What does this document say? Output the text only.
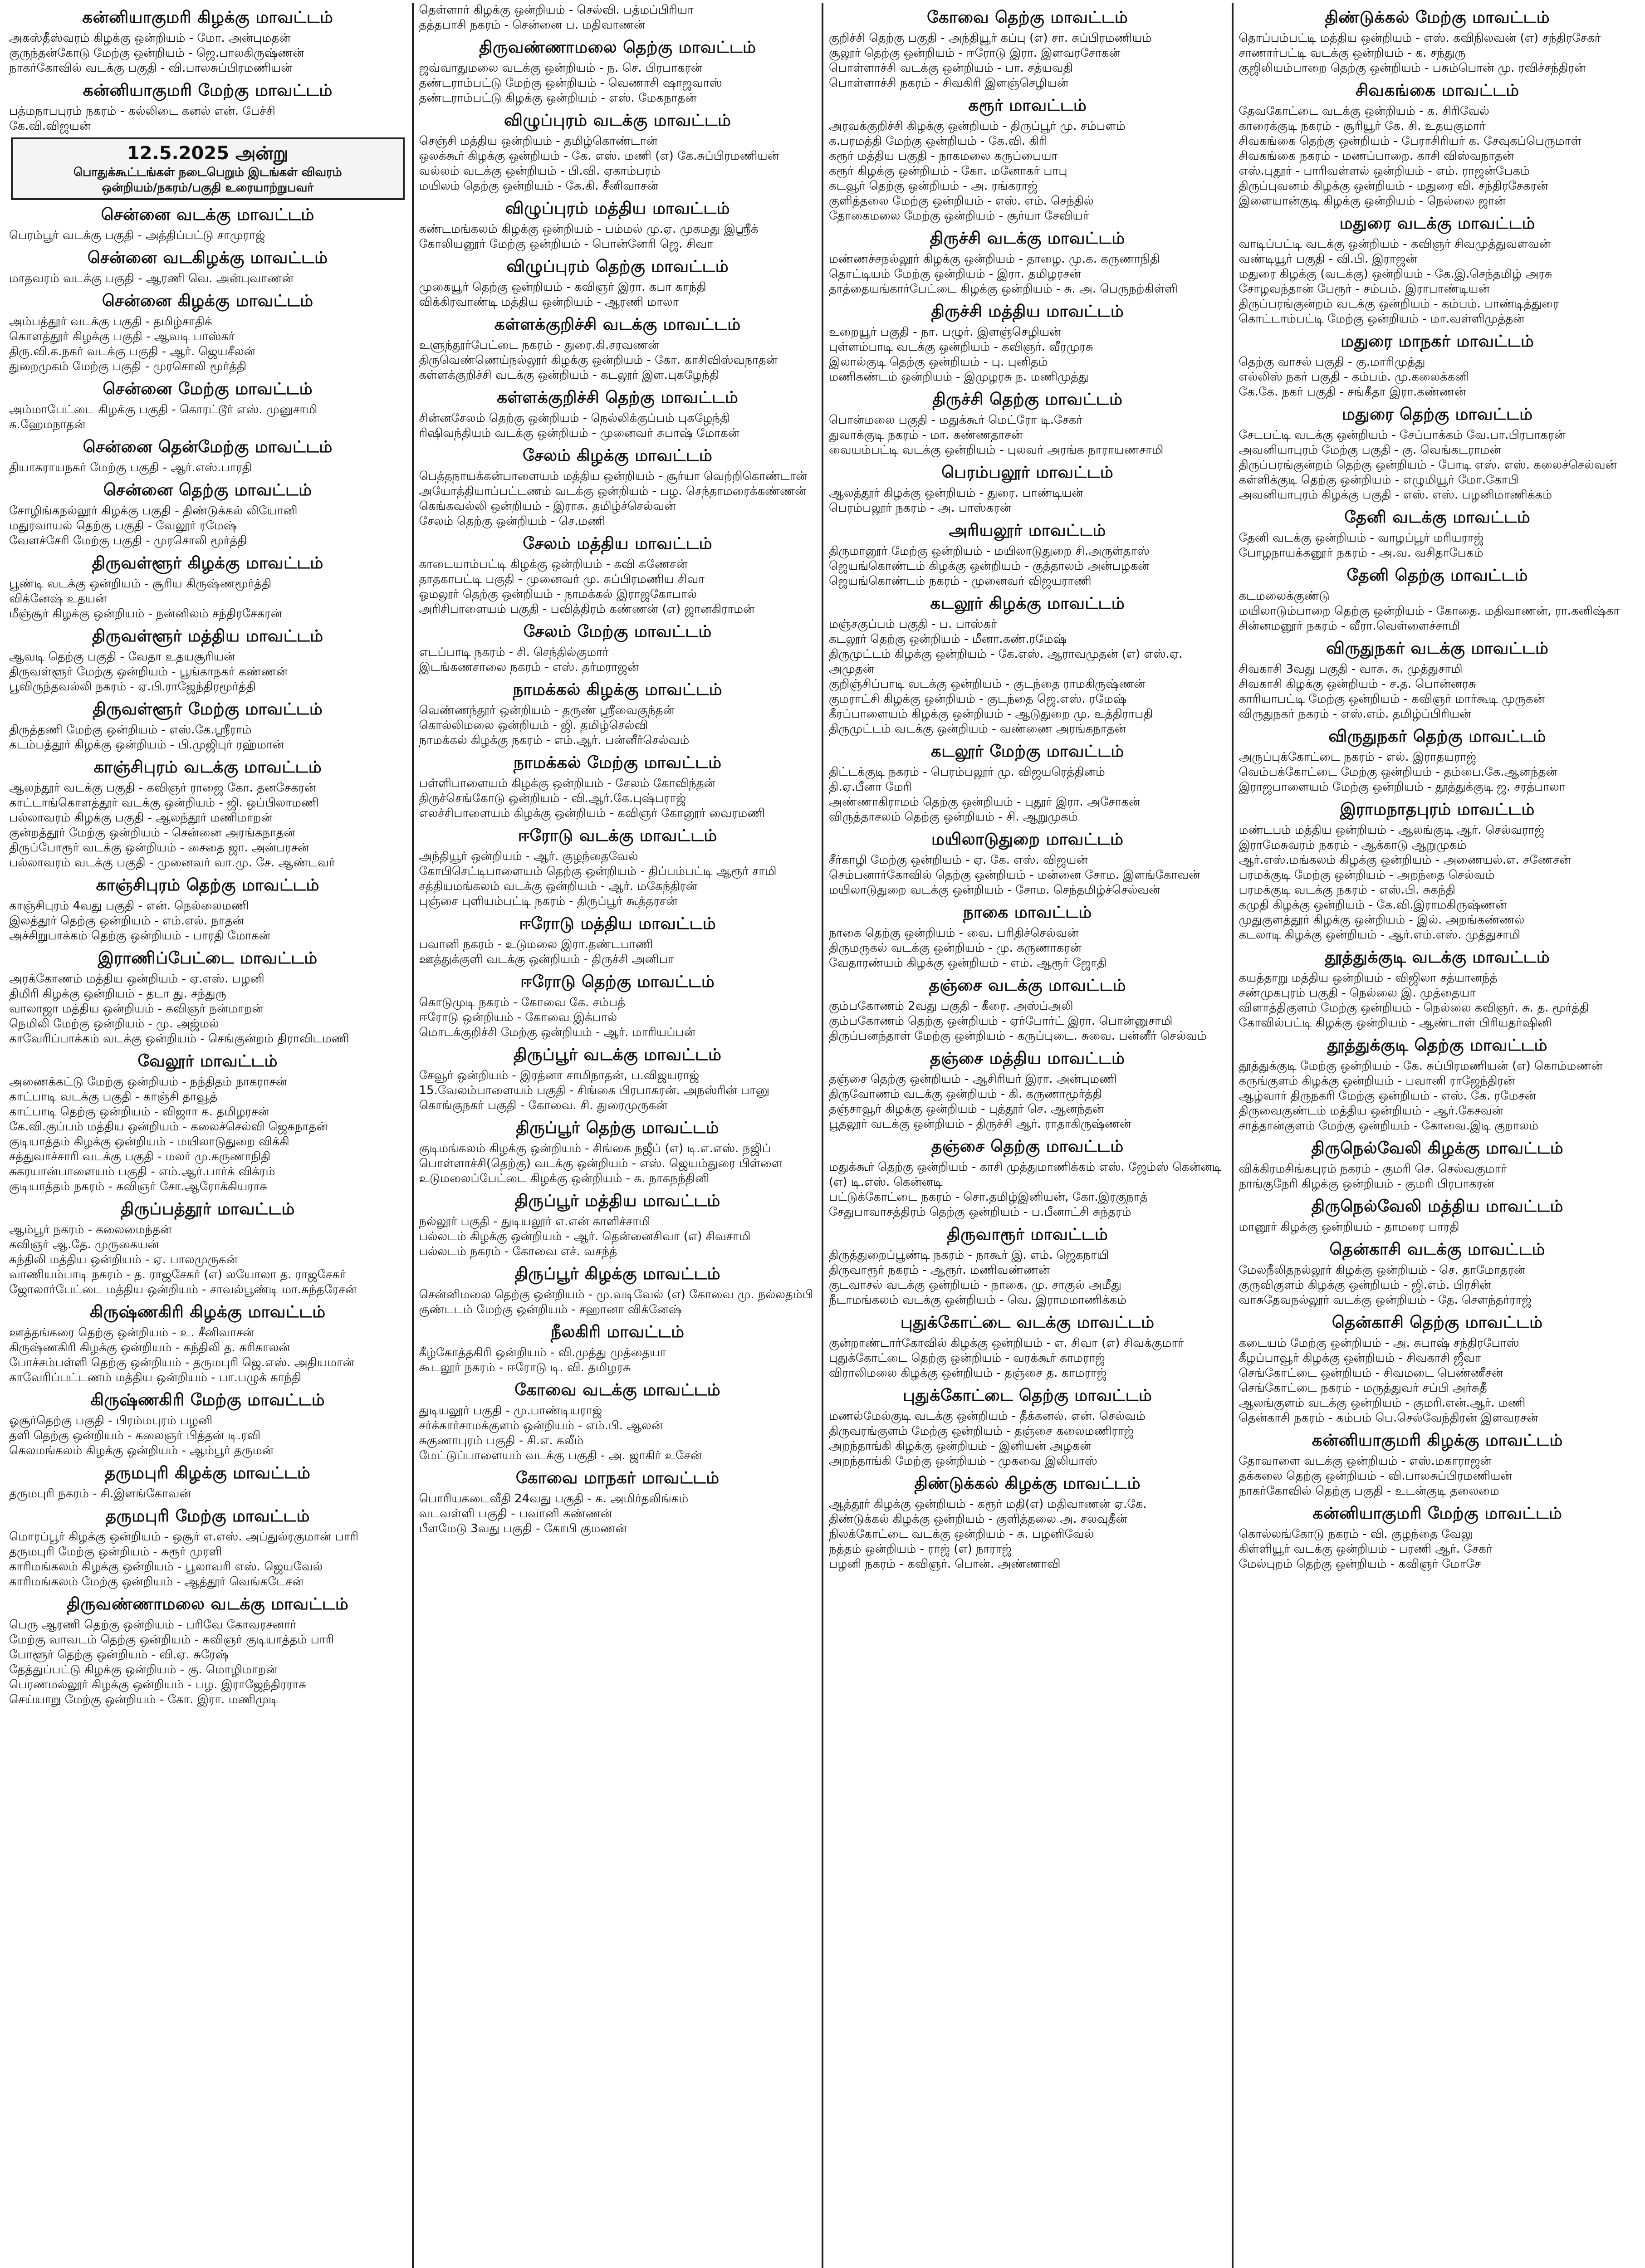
கன்னியாகுமரி கிழக்கு மாவட்டம்
அகஸ்தீஸ்வரம் கிழக்கு ஒன்றியம் - மோ. அன்புமதன்
குருந்தன்கோடு மேற்கு ஒன்றியம் - ஜெ.பாலகிருஷ்ணன்
நாகர்கோவில் வடக்கு பகுதி - வி.பாலசுப்பிரமணியன்
கன்னியாகுமரி மேற்கு மாவட்டம்
பத்மநாபபுரம் நகரம் - கல்லிடை கனல் என். பேச்சி
கே.வி.விஜயன்
12.5.2025 அன்று
பொதுக்கூட்டங்கள் நடைபெறும் இடங்கள் விவரம்
ஒன்றியம்/நகரம்/பகுதி உரையாற்றுபவர்
சென்னை வடக்கு மாவட்டம்
பெரம்பூர் வடக்கு பகுதி - அத்திப்பட்டு சாமுராஜ்
சென்னை வடகிழக்கு மாவட்டம்
மாதவரம் வடக்கு பகுதி - ஆரணி வெ. அன்புவாணன்
சென்னை கிழக்கு மாவட்டம்
அம்பத்தூர் வடக்கு பகுதி - தமிழ்சாதிக்
கொளத்தூர் கிழக்கு பகுதி - ஆவடி பாஸ்கர்
திரு.வி.க.நகர் வடக்கு பகுதி - ஆர். ஜெயசீலன்
துறைமுகம் மேற்கு பகுதி - முரசொலி மூர்த்தி
சென்னை மேற்கு மாவட்டம்
அம்மாபேட்டை கிழக்கு பகுதி - கொரட்டூர் எஸ். முனுசாமி
க.ஹேமநாதன்
சென்னை தென்மேற்கு மாவட்டம்
தியாகராயநகர் மேற்கு பகுதி - ஆர்.எஸ்.பாரதி
சென்னை தெற்கு மாவட்டம்
சோழிங்கநல்லூர் கிழக்கு பகுதி - திண்டுக்கல் லியோனி
மதுரவாயல் தெற்கு பகுதி - வேலூர் ரமேஷ்
வேளச்சேரி மேற்கு பகுதி - முரசொலி மூர்த்தி
திருவள்ளூர் கிழக்கு மாவட்டம்
பூண்டி வடக்கு ஒன்றியம் - சூரிய கிருஷ்ணமூர்த்தி
விக்னேஷ் உதயன்
மீஞ்சூர் கிழக்கு ஒன்றியம் - நன்னிலம் சந்திரசேகரன்
திருவள்ளூர் மத்திய மாவட்டம்
ஆவடி தெற்கு பகுதி - வேதா உதயசூரியன்
திருவள்ளூர் மேற்கு ஒன்றியம் - பூங்காநகர் கண்ணன்
பூவிருந்தவல்லி நகரம் - ஏ.பி.ராஜேந்திரமூர்த்தி
திருவள்ளூர் மேற்கு மாவட்டம்
திருத்தணி மேற்கு ஒன்றியம் - எஸ்.கே.ஸ்ரீராம்
கடம்பத்தூர் கிழக்கு ஒன்றியம் - பி.முஜிபுர் ரஹ்மான்
காஞ்சிபுரம் வடக்கு மாவட்டம்
ஆலந்தூர் வடக்கு பகுதி - கவிஞர் ராஜை கோ. தனசேகரன்
காட்டாங்கொளத்தூர் வடக்கு ஒன்றியம் - ஜி. ஒப்பிலாமணி
பல்லாவரம் கிழக்கு பகுதி - ஆலந்தூர் மணிமாறன்
குன்றத்தூர் மேற்கு ஒன்றியம் - சென்னை அரங்கநாதன்
திருப்போரூர் வடக்கு ஒன்றியம் - சைதை ஜா. அன்பரசன்
பல்லாவரம் வடக்கு பகுதி - முனைவர் வா.மு. சே. ஆண்டவர்
காஞ்சிபுரம் தெற்கு மாவட்டம்
காஞ்சிபுரம் 4வது பகுதி - என். நெல்லைமணி
இலத்தூர் தெற்கு ஒன்றியம் - எம்.எல். நாதன்
அச்சிறுபாக்கம் தெற்கு ஒன்றியம் - பாரதி மோகன்
இராணிப்பேட்டை மாவட்டம்
அரக்கோணம் மத்திய ஒன்றியம் - ஏ.எஸ். பழனி
திமிரி கிழக்கு ஒன்றியம் - தடா து. சந்துரு
வாலாஜா மத்திய ஒன்றியம் - கவிஞர் நன்மாறன்
நெமிலி மேற்கு ஒன்றியம் - மு. அஜ்மல்
காவேரிப்பாக்கம் வடக்கு ஒன்றியம் - செங்குன்றம் திராவிடமணி
வேலூர் மாவட்டம்
அணைக்கட்டு மேற்கு ஒன்றியம் - நந்திதம் நாகராசன்
காட்பாடி வடக்கு பகுதி - காஞ்சி தாவூத்
காட்பாடி தெற்கு ஒன்றியம் - விஜாா க. தமிழரசன்
கே.வி.குப்பம் மத்திய ஒன்றியம் - கலைச்செல்வி ஜெகநாதன்
குடியாத்தம் கிழக்கு ஒன்றியம் - மயிலாடுதுறை விக்கி
சத்துவாச்சாரி வடக்கு பகுதி - மலர் மு.கருணாநிதி
சுகரயான்பாளையம் பகுதி - எம்.ஆர்.பார்க் விக்ரம்
குடியாத்தம் நகரம் - கவிஞர் சோ.ஆரோக்கியராசு
திருப்பத்தூர் மாவட்டம்
ஆம்பூர் நகரம் - கலைமைந்தன்
கவிஞர் ஆ.தே. முருகையன்
கந்திலி மத்திய ஒன்றியம் - ஏ. பாலமுருகன்
வாணியம்பாடி நகரம் - த. ராஜசேகர் (எ) லயோலா த. ராஜசேகர்
ஜோலார்பேட்டை மத்திய ஒன்றியம் - சாவல்பூண்டி மா.சுந்தரேசன்
கிருஷ்ணகிரி கிழக்கு மாவட்டம்
ஊத்தங்கரை தெற்கு ஒன்றியம் - உ. சீனிவாசன்
கிருஷ்ணகிரி கிழக்கு ஒன்றியம் - கந்திலி த. கரிகாலன்
போச்சம்பள்ளி தெற்கு ஒன்றியம் - தருமபுரி ஜெ.எஸ். அதியமான்
காவேரிப்பட்டணம் மத்திய ஒன்றியம் - பா.பழுக் காந்தி
கிருஷ்ணகிரி மேற்கு மாவட்டம்
ஓசூர்தெற்கு பகுதி - பிரம்மபுரம் பழனி
தளி தெற்கு ஒன்றியம் - கலைஞர் பித்தன் டி.ரவி
கெலமங்கலம் கிழக்கு ஒன்றியம் - ஆம்பூர் தருமன்
தருமபுரி கிழக்கு மாவட்டம்
தருமபுரி நகரம் - சி.இளங்கோவன்
தருமபுரி மேற்கு மாவட்டம்
மொரப்பூர் கிழக்கு ஒன்றியம் - ஒசூர் எ.எஸ். அப்துல்ரகுமான் பாரி
தருமபுரி மேற்கு ஒன்றியம் - சுரூர் முரளி
காரிமங்கலம் கிழக்கு ஒன்றியம் - பூலாவரி எஸ். ஜெயவேல்
காரிமங்கலம் மேற்கு ஒன்றியம் - ஆத்தூர் வெங்கடேசன்
திருவண்ணாமலை வடக்கு மாவட்டம்
பெரு ஆரணி தெற்கு ஒன்றியம் - பரிவே கோவரசனார்
மேற்கு வாவடம் தெற்கு ஒன்றியம் - கவிஞர் குடியாத்தம் பாரி
போளூர் தெற்கு ஒன்றியம் - வி.ஏ. சுரேஷ்
தேத்துப்பட்டு கிழக்கு ஒன்றியம் - கு. மொழிமாறன்
பெரணமல்லூர் கிழக்கு ஒன்றியம் - பழ. இராஜேந்திரராசு
செய்யாறு மேற்கு ஒன்றியம் - கோ. இரா. மணிமுடி
தெள்ளார் கிழக்கு ஒன்றியம் - செல்வி. பத்மப்பிரியா
தத்தபாசி நகரம் - சென்னை ப. மதிவாணன்
திருவண்ணாமலை தெற்கு மாவட்டம்
ஜவ்வாதுமலை வடக்கு ஒன்றியம் - ந. செ. பிரபாகரன்
தண்டராம்பட்டு மேற்கு ஒன்றியம் - வெணாசி ஷாஜவாஸ்
தண்டராம்பட்டு கிழக்கு ஒன்றியம் - எஸ். மேகநாதன்
விழுப்புரம் வடக்கு மாவட்டம்
செஞ்சி மத்திய ஒன்றியம் - தமிழ்கொண்டான்
ஒலக்கூர் கிழக்கு ஒன்றியம் - கே. எஸ். மணி (எ) கே.சுப்பிரமணியன்
வல்லம் வடக்கு ஒன்றியம் - பி.வி. ஏகாம்பரம்
மயிலம் தெற்கு ஒன்றியம் - கே.கி. சீனிவாசன்
விழுப்புரம் மத்திய மாவட்டம்
கண்டமங்கலம் கிழக்கு ஒன்றியம் - பம்மல் மு.ஏ. முகமது இஸ்ரீக்
கோலியனூர் மேற்கு ஒன்றியம் - பொன்னேரி ஜெ. சிவா
விழுப்புரம் தெற்கு மாவட்டம்
முகையூர் தெற்கு ஒன்றியம் - கவிஞர் இரா. கபா காந்தி
விக்கிரவாண்டி மத்திய ஒன்றியம் - ஆரணி மாலா
கள்ளக்குறிச்சி வடக்கு மாவட்டம்
உளுந்தூர்பேட்டை நகரம் - துரை.கி.சரவணன்
திருவெண்ணெய்நல்லூர் கிழக்கு ஒன்றியம் - கோ. காசிவிஸ்வநாதன்
கள்ளக்குறிச்சி வடக்கு ஒன்றியம் - கடலூர் இள.புகழேந்தி
கள்ளக்குறிச்சி தெற்கு மாவட்டம்
சின்னசேலம் தெற்கு ஒன்றியம் - நெல்லிக்குப்பம் புகழேந்தி
ரிஷிவந்தியம் வடக்கு ஒன்றியம் - முனைவர் சுபாஷ் மோகன்
சேலம் கிழக்கு மாவட்டம்
பெத்தநாயக்கன்பாளையம் மத்திய ஒன்றியம் - சூர்யா வெற்றிகொண்டான்
அயோத்தியாப்பட்டணம் வடக்கு ஒன்றியம் - பழ. செந்தாமரைக்கண்ணன்
கெங்கவல்லி ஒன்றியம் - இராசு. தமிழ்ச்செல்வன்
சேலம் தெற்கு ஒன்றியம் - செ.மணி
சேலம் மத்திய மாவட்டம்
காடையாம்பட்டி கிழக்கு ஒன்றியம் - கவி கணேசன்
தாதகாபட்டி பகுதி - முனைவர் மு. சுப்பிரமணிய சிவா
ஓமலூர் தெற்கு ஒன்றியம் - நாமக்கல் இராஜகோபால்
அரிசிபாளையம் பகுதி - பவித்திரம் கண்ணன் (எ) ஜானகிராமன்
சேலம் மேற்கு மாவட்டம்
எடப்பாடி நகரம் - சி. செந்தில்குமார்
இடங்கணசாலை நகரம் - எஸ். தர்மராஜன்
நாமக்கல் கிழக்கு மாவட்டம்
வெண்ணந்தூர் ஒன்றியம் - தருண் ஸ்ரீவைகுந்தன்
கொல்லிமலை ஒன்றியம் - ஜி. தமிழ்செல்வி
நாமக்கல் கிழக்கு நகரம் - எம்.ஆர். பன்னீர்செல்வம்
நாமக்கல் மேற்கு மாவட்டம்
பள்ளிபாளையம் கிழக்கு ஒன்றியம் - சேலம் கோவிந்தன்
திருச்செங்கோடு ஒன்றியம் - வி.ஆர்.கே.புஷ்பராஜ்
எலச்சிபாளையம் கிழக்கு ஒன்றியம் - கவிஞர் கோனூர் வைரமணி
ஈரோடு வடக்கு மாவட்டம்
அந்தியூர் ஒன்றியம் - ஆர். குழந்தைவேல்
கோபிசெட்டிபாளையம் தெற்கு ஒன்றியம் - திப்பம்பட்டி ஆரூர் சாமி
சத்தியமங்கலம் வடக்கு ஒன்றியம் - ஆர். மகேந்திரன்
புஞ்சை புளியம்பட்டி நகரம் - திருப்பூர் கூத்தரசன்
ஈரோடு மத்திய மாவட்டம்
பவானி நகரம் - உடுமலை இரா.தண்டபாணி
ஊத்துக்குளி வடக்கு ஒன்றியம் - திருச்சி அனிபா
ஈரோடு தெற்கு மாவட்டம்
கொடுமுடி நகரம் - கோவை கே. சம்பத்
ஈரோடு ஒன்றியம் - கோவை இக்பால்
மொடக்குறிச்சி மேற்கு ஒன்றியம் - ஆர். மாரியப்பன்
திருப்பூர் வடக்கு மாவட்டம்
சேவூர் ஒன்றியம் - இரத்னா சாமிநாதன், ப.விஜயராஜ்
15.வேலம்பாளையம் பகுதி - சிங்கை பிரபாகரன். அநஸ்ரின் பானு
கொங்குநகர் பகுதி - கோவை. சி. துரைமுருகன்
திருப்பூர் தெற்கு மாவட்டம்
குடிமங்கலம் கிழக்கு ஒன்றியம் - சிங்கை நஜீப் (எ) டி.எ.எஸ். நஜிப்
பொள்ளாச்சி(தெற்கு) வடக்கு ஒன்றியம் - எஸ். ஜெயம்துரை பிள்ளை
உடுமலைப்பேட்டை கிழக்கு ஒன்றியம் - க. நாகநந்தினி
திருப்பூர் மத்திய மாவட்டம்
நல்லூர் பகுதி - துடியலூர் எ.என் காளிச்சாமி
பல்லடம் கிழக்கு ஒன்றியம் - ஆர். தென்னைசிவா (எ) சிவசாமி
பல்லடம் நகரம் - கோவை எச். வசந்த்
திருப்பூர் கிழக்கு மாவட்டம்
சென்னிமலை தெற்கு ஒன்றியம் - மு.வடிவேல் (எ) கோவை மு. நல்லதம்பி
குண்டடம் மேற்கு ஒன்றியம் - சஹானா விக்னேஷ்
நீலகிரி மாவட்டம்
கீழ்கோத்தகிரி ஒன்றியம் - வி.முத்து முத்தையா
கூடலூர் நகரம் - ஈரோடு டி. வி. தமிழரசு
கோவை வடக்கு மாவட்டம்
துடியலூர் பகுதி - மு.பாண்டியராஜ்
சர்க்கார்சாமக்குளம் ஒன்றியம் - எம்.பி. ஆலன்
சுகுணாபுரம் பகுதி - சி.எ. கலீம்
மேட்டுப்பாளையம் வடக்கு பகுதி - அ. ஜாகிர் உசேன்
கோவை மாநகர் மாவட்டம்
பொரியகடைவீதி 24வது பகுதி - க. அமிர்தலிங்கம்
வடவள்ளி பகுதி - பவானி கண்ணன்
பீளமேடு 3வது பகுதி - கோபி குமணன்
கோவை தெற்கு மாவட்டம்
குறிச்சி தெற்கு பகுதி - அந்தியூர் கப்பு (எ) சா. சுப்பிரமணியம்
சூலூர் தெற்கு ஒன்றியம் - ஈரோடு இரா. இளவரசோகன்
பொள்ளாச்சி வடக்கு ஒன்றியம் - பா. சத்யவதி
பொள்ளாச்சி நகரம் - சிவகிரி இளஞ்செழியன்
கரூர் மாவட்டம்
அரவக்குறிச்சி கிழக்கு ஒன்றியம் - திருப்பூர் மு. சம்பளம்
க.பரமத்தி மேற்கு ஒன்றியம் - கே.வி. கிரி
கரூர் மத்திய பகுதி - நாகமலை கருப்பையா
கரூர் கிழக்கு ஒன்றியம் - கோ. மனோகர் பாபு
கடவூர் தெற்கு ஒன்றியம் - அ. ரங்கராஜ்
குளித்தலை மேற்கு ஒன்றியம் - எஸ். எம். செந்தில்
தோகைமலை மேற்கு ஒன்றியம் - சூர்யா சேவியர்
திருச்சி வடக்கு மாவட்டம்
மண்ணச்சநல்லூர் கிழக்கு ஒன்றியம் - தாழை. மு.க. கருணாநிதி
தொட்டியம் மேற்கு ஒன்றியம் - இரா. தமிழரசன்
தாத்தையங்கார்பேட்டை கிழக்கு ஒன்றியம் - சு. அ. பெருநற்கிள்ளி
திருச்சி மத்திய மாவட்டம்
உறையூர் பகுதி - நா. பழுர். இளஞ்செழியன்
புள்ளம்பாடி வடக்கு ஒன்றியம் - கவிஞர். வீரமுரசு
இலால்குடி தெற்கு ஒன்றியம் - பு. புனிதம்
மணிகண்டம் ஒன்றியம் - இமுழரசு ந. மணிமுத்து
திருச்சி தெற்கு மாவட்டம்
பொன்மலை பகுதி - மதுக்கூர் மெட்ரோ டி.சேகர்
துவாக்குடி நகரம் - மா. கண்ணதாசன்
வையம்பட்டி வடக்கு ஒன்றியம் - புலவர் அரங்க நாராயணசாமி
பெரம்பலூர் மாவட்டம்
ஆலத்தூர் கிழக்கு ஒன்றியம் - துரை. பாண்டியன்
பெரம்பலூர் நகரம் - அ. பாஸ்கரன்
அரியலூர் மாவட்டம்
திருமானூர் மேற்கு ஒன்றியம் - மயிலாடுதுறை சி.அருள்தாஸ்
ஜெயங்கொண்டம் கிழக்கு ஒன்றியம் - குத்தாலம் அன்பழகன்
ஜெயங்கொண்டம் நகரம் - முனைவர் விஜயராணி
கடலூர் கிழக்கு மாவட்டம்
மஞ்சகுப்பம் பகுதி - ப. பாஸ்கர்
கடலூர் தெற்கு ஒன்றியம் - மீனா.கண்.ரமேஷ்
திருமுட்டம் கிழக்கு ஒன்றியம் - கே.எஸ். ஆராவமுதன் (எ) எஸ்.ஏ. அமுதன்
குறிஞ்சிப்பாடி வடக்கு ஒன்றியம் - குடந்தை ராமகிருஷ்ணன்
குமராட்சி கிழக்கு ஒன்றியம் - குடந்தை ஜெ.எஸ். ரமேஷ்
கீரப்பாளையம் கிழக்கு ஒன்றியம் - ஆடுதுறை மு. உத்திராபதி
திருமுட்டம் வடக்கு ஒன்றியம் - வண்ணை அரங்கநாதன்
கடலூர் மேற்கு மாவட்டம்
திட்டக்குடி நகரம் - பெரம்பலூர் மு. விஜயரெத்தினம்
தி.ஏ.பீனா மேரி
அண்ணாகிராமம் தெற்கு ஒன்றியம் - புதூர் இரா. அசோகன்
விருத்தாசலம் தெற்கு ஒன்றியம் - சி. ஆறுமுகம்
மயிலாடுதுறை மாவட்டம்
சீர்காழி மேற்கு ஒன்றியம் - ஏ. கே. எஸ். விஜயன்
செம்பனார்கோவில் தெற்கு ஒன்றியம் - மன்னை சோம. இளங்கோவன்
மயிலாடுதுறை வடக்கு ஒன்றியம் - சோம. செந்தமிழ்ச்செல்வன்
நாகை மாவட்டம்
நாகை தெற்கு ஒன்றியம் - வை. பரிதிச்செல்வன்
திருமருகல் வடக்கு ஒன்றியம் - மு. கருணாகரன்
வேதாரண்யம் கிழக்கு ஒன்றியம் - எம். ஆரூர் ஜோதி
தஞ்சை வடக்கு மாவட்டம்
கும்பகோணம் 2வது பகுதி - கீரை. அஸ்ப்அலி
கும்பகோணம் தெற்கு ஒன்றியம் - ஏர்போர்ட் இரா. பொன்னுசாமி
திருப்பனந்தாள் மேற்கு ஒன்றியம் - கருப்புடை. சுவை. பன்னீர் செல்வம்
தஞ்சை மத்திய மாவட்டம்
தஞ்சை தெற்கு ஒன்றியம் - ஆசிரியர் இரா. அன்புமணி
திருவோணம் வடக்கு ஒன்றியம் - கி. கருணாமூர்த்தி
தஞ்சாவூர் கிழக்கு ஒன்றியம் - புத்தூர் செ. ஆனந்தன்
பூதலூர் வடக்கு ஒன்றியம் - திருச்சி ஆர். ராதாகிருஷ்ணன்
தஞ்சை தெற்கு மாவட்டம்
மதுக்கூர் தெற்கு ஒன்றியம் - காசி முத்துமாணிக்கம் எஸ். ஜேம்ஸ் கென்னடி (எ) டி.எஸ். கென்னடி
பட்டுக்கோட்டை நகரம் - சொ.தமிழ்இனியன், கோ.இரகுநாத்
சேதுபாவாசத்திரம் தெற்கு ஒன்றியம் - ப.பீனாட்சி சுந்தரம்
திருவாரூர் மாவட்டம்
திருத்துறைப்பூண்டி நகரம் - நாகூர் இ. எம். ஜெகநாயி
திருவாரூர் நகரம் - ஆரூர். மணிவண்ணன்
குடவாசல் வடக்கு ஒன்றியம் - நாகை. மு. சாகுல் அமீது
நீடாமங்கலம் வடக்கு ஒன்றியம் - வெ. இராமமாணிக்கம்
புதுக்கோட்டை வடக்கு மாவட்டம்
குன்றாண்டார்கோவில் கிழக்கு ஒன்றியம் - எ. சிவா (எ) சிவக்குமார்
புதுக்கோட்டை தெற்கு ஒன்றியம் - வரக்கூர் காமராஜ்
விராலிமலை கிழக்கு ஒன்றியம் - தஞ்சை த. காமராஜ்
புதுக்கோட்டை தெற்கு மாவட்டம்
மணல்மேல்குடி வடக்கு ஒன்றியம் - தீக்கனல். என். செல்வம்
திருவரங்குளம் மேற்கு ஒன்றியம் - தஞ்சை கலைமணிராஜ்
அறந்தாங்கி கிழக்கு ஒன்றியம் - இனியன் அழகன்
அறந்தாங்கி மேற்கு ஒன்றியம் - முகவை இலியாஸ்
திண்டுக்கல் கிழக்கு மாவட்டம்
ஆத்தூர் கிழக்கு ஒன்றியம் - கரூர் மதி(எ) மதிவாணன் ஏ.கே.
திண்டுக்கல் கிழக்கு ஒன்றியம் - குளித்தலை அ. சலவுதீன்
நிலக்கோட்டை வடக்கு ஒன்றியம் - சு. பழனிவேல்
நத்தம் ஒன்றியம் - ராஜ் (எ) நாராஜ்
பழனி நகரம் - கவிஞர். பொன். அண்ணாவி
திண்டுக்கல் மேற்கு மாவட்டம்
தொப்பம்பட்டி மத்திய ஒன்றியம் - எஸ். கவிநிலவன் (எ) சந்திரசேகர்
சாணார்பட்டி வடக்கு ஒன்றியம் - க. சந்துரு
குஜிலியம்பாறை தெற்கு ஒன்றியம் - பசும்பொன் மு. ரவிச்சந்திரன்
சிவகங்கை மாவட்டம்
தேவகோட்டை வடக்கு ஒன்றியம் - க. சிரிவேல்
காரைக்குடி நகரம் - சூரியூர் கே. சி. உதயகுமார்
சிவகங்கை தெற்கு ஒன்றியம் - பேராசிரியர் க. சேவுகப்பெருமாள்
சிவகங்கை நகரம் - மணப்பாறை. காசி விஸ்வநாதன்
எஸ்.புதூர் - பாரிவள்ளல் ஒன்றியம் - எம். ராஜன்பேகம்
திருப்புவனம் கிழக்கு ஒன்றியம் - மதுரை வி. சந்திரசேகரன்
இளையான்குடி கிழக்கு ஒன்றியம் - நெல்லை ஜான்
மதுரை வடக்கு மாவட்டம்
வாடிப்பட்டி வடக்கு ஒன்றியம் - கவிஞர் சிவமுத்துவளவன்
வண்டியூர் பகுதி - வி.பி. இராஜன்
மதுரை கிழக்கு (வடக்கு) ஒன்றியம் - கே.இ.செந்தமிழ் அரசு
சோழவந்தான் பேரூர் - சம்பம். இராபாண்டியன்
திருப்பரங்குன்றம் வடக்கு ஒன்றியம் - கம்பம். பாண்டித்துரை
கொட்டாம்பட்டி மேற்கு ஒன்றியம் - மா.வள்ளிமுத்தன்
மதுரை மாநகர் மாவட்டம்
தெற்கு வாசல் பகுதி - கு.மாரிமுத்து
எல்லிஸ் நகர் பகுதி - கம்பம். மு.கலைக்கனி
கே.கே. நகர் பகுதி - சங்கீதா இரா.கண்ணன்
மதுரை தெற்கு மாவட்டம்
சேடபட்டி வடக்கு ஒன்றியம் - சேப்பாக்கம் வே.பா.பிரபாகரன்
அவனியாபுரம் மேற்கு பகுதி - கு. வெங்கடராமன்
திருப்பரங்குன்றம் தெற்கு ஒன்றியம் - போடி எஸ். எஸ். கலைச்செல்வன்
கள்ளிக்குடி தெற்கு ஒன்றியம் - எழுமியூர் மோ.கோபி
அவனியாபுரம் கிழக்கு பகுதி - எஸ். எஸ். பழனிமாணிக்கம்
தேனி வடக்கு மாவட்டம்
தேனி வடக்கு ஒன்றியம் - வாழப்பூர் மரியராஜ்
போழநாயக்கனூர் நகரம் - அ.வ. வசிதாபேகம்
தேனி தெற்கு மாவட்டம்
கடமலைக்குண்டு
மயிலாடும்பாறை தெற்கு ஒன்றியம் - கோதை. மதிவாணன், ரா.கனிஷ்கா
சின்னமனூர் நகரம் - வீரா.வெள்ளைச்சாமி
விருதுநகர் வடக்கு மாவட்டம்
சிவகாசி 3வது பகுதி - வாசு. சு. முத்துசாமி
சிவகாசி கிழக்கு ஒன்றியம் - ச.த. பொன்னரசு
காரியாபட்டி மேற்கு ஒன்றியம் - கவிஞர் மார்கூடி முருகன்
விருதுநகர் நகரம் - எஸ்.எம். தமிழ்ப்பிரியன்
விருதுநகர் தெற்கு மாவட்டம்
அருப்புக்கோட்டை நகரம் - எல். இராதயராஜ்
வெம்பக்கோட்டை மேற்கு ஒன்றியம் - தம்பை.கே.ஆனந்தன்
இராஜபாளையம் மேற்கு ஒன்றியம் - தூத்துக்குடி ஜ. சரத்பாலா
இராமநாதபுரம் மாவட்டம்
மண்டபம் மத்திய ஒன்றியம் - ஆலங்குடி ஆர். செல்வராஜ்
இராமேசுவரம் நகரம் - ஆக்காடு ஆறுமுகம்
ஆர்.எஸ்.மங்கலம் கிழக்கு ஒன்றியம் - அணையல்.எ. சணேசன்
பரமக்குடி மேற்கு ஒன்றியம் - அறந்தை செல்வம்
பரமக்குடி வடக்கு நகரம் - எஸ்.பி. சுகந்தி
கமுதி கிழக்கு ஒன்றியம் - கே.வி.இராமகிருஷ்ணன்
முதுகுளத்தூர் கிழக்கு ஒன்றியம் - இல். அறங்கண்ணல்
கடலாடி கிழக்கு ஒன்றியம் - ஆர்.எம்.எஸ். முத்துசாமி
தூத்துக்குடி வடக்கு மாவட்டம்
கயத்தாறு மத்திய ஒன்றியம் - விஜிலா சத்யானந்த்
சண்முகபுரம் பகுதி - நெல்லை இ. முத்தையா
விளாத்திகுளம் மேற்கு ஒன்றியம் - நெல்லை கவிஞர். சு. த. மூர்த்தி
கோவில்பட்டி கிழக்கு ஒன்றியம் - ஆண்டாள் பிரியதர்ஷினி
தூத்துக்குடி தெற்கு மாவட்டம்
தூத்துக்குடி மேற்கு ஒன்றியம் - கே. சுப்பிரமணியன் (எ) கொம்மணன்
கருங்குளம் கிழக்கு ஒன்றியம் - பவானி ராஜேந்திரன்
ஆழ்வார் திருநகரி மேற்கு ஒன்றியம் - எஸ். கே. ரமேசன்
திருவைகுண்டம் மத்திய ஒன்றியம் - ஆர்.கேசவன்
சாத்தான்குளம் மேற்கு ஒன்றியம் - கோவை.இடி குறாலம்
திருநெல்வேலி கிழக்கு மாவட்டம்
விக்கிரமசிங்கபுரம் நகரம் - குமரி செ. செல்வகுமார்
நாங்குநேரி கிழக்கு ஒன்றியம் - குமரி பிரபாகரன்
திருநெல்வேலி மத்திய மாவட்டம்
மானூர் கிழக்கு ஒன்றியம் - தாமரை பாரதி
தென்காசி வடக்கு மாவட்டம்
மேலநீலிதநல்லூர் கிழக்கு ஒன்றியம் - செ. தாமோதரன்
குருவிகுளம் கிழக்கு ஒன்றியம் - ஜி.எம். பிரசின்
வாசுதேவநல்லூர் வடக்கு ஒன்றியம் - தே. சௌந்தர்ராஜ்
தென்காசி தெற்கு மாவட்டம்
கடையம் மேற்கு ஒன்றியம் - அ. சுபாஷ் சந்திரபோஸ்
கீழப்பாவூர் கிழக்கு ஒன்றியம் - சிவகாசி ஜீவா
செங்கோட்டை ஒன்றியம் - சிவமடை பெண்ணீசன்
செங்கோட்டை நகரம் - மருத்துவர் சப்பி அர்சுதீ
ஆலங்குளம் வடக்கு ஒன்றியம் - குமரி.என்.ஆர். மணி
தென்காசி நகரம் - கம்பம் பெ.செல்வேந்திரன் இளவரசன்
கன்னியாகுமரி கிழக்கு மாவட்டம்
தோவாளை வடக்கு ஒன்றியம் - எஸ்.மகாராஜன்
தக்கலை தெற்கு ஒன்றியம் - வி.பாலசுப்பிரமணியன்
நாகர்கோவில் தெற்கு பகுதி - உடன்குடி தலைமை
கன்னியாகுமரி மேற்கு மாவட்டம்
கொல்லங்கோடு நகரம் - வி. குழந்தை வேலு
கிள்ளியூர் வடக்கு ஒன்றியம் - பரணி ஆர். சேகர்
மேல்புறம் தெற்கு ஒன்றியம் - கவிஞர் மோசே
